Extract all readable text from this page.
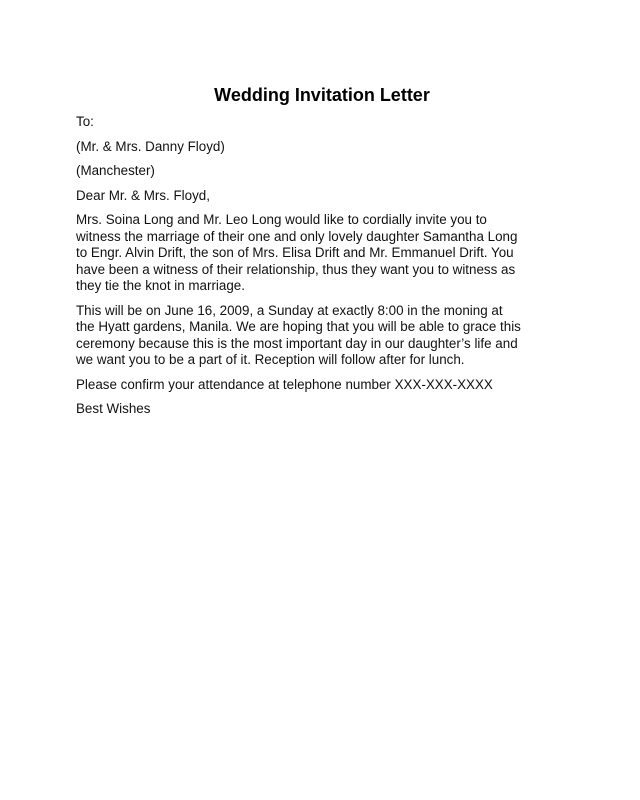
Wedding Invitation Letter
To:
(Mr. & Mrs. Danny Floyd)
(Manchester)
Dear Mr. & Mrs. Floyd,
Mrs. Soina Long and Mr. Leo Long would like to cordially invite you to
witness the marriage of their one and only lovely daughter Samantha Long
to Engr. Alvin Drift, the son of Mrs. Elisa Drift and Mr. Emmanuel Drift. You
have been a witness of their relationship, thus they want you to witness as
they tie the knot in marriage.
This will be on June 16, 2009, a Sunday at exactly 8:00 in the moning at
the Hyatt gardens, Manila. We are hoping that you will be able to grace this
ceremony because this is the most important day in our daughter’s life and
we want you to be a part of it. Reception will follow after for lunch.
Please confirm your attendance at telephone number XXX-XXX-XXXX
Best Wishes
